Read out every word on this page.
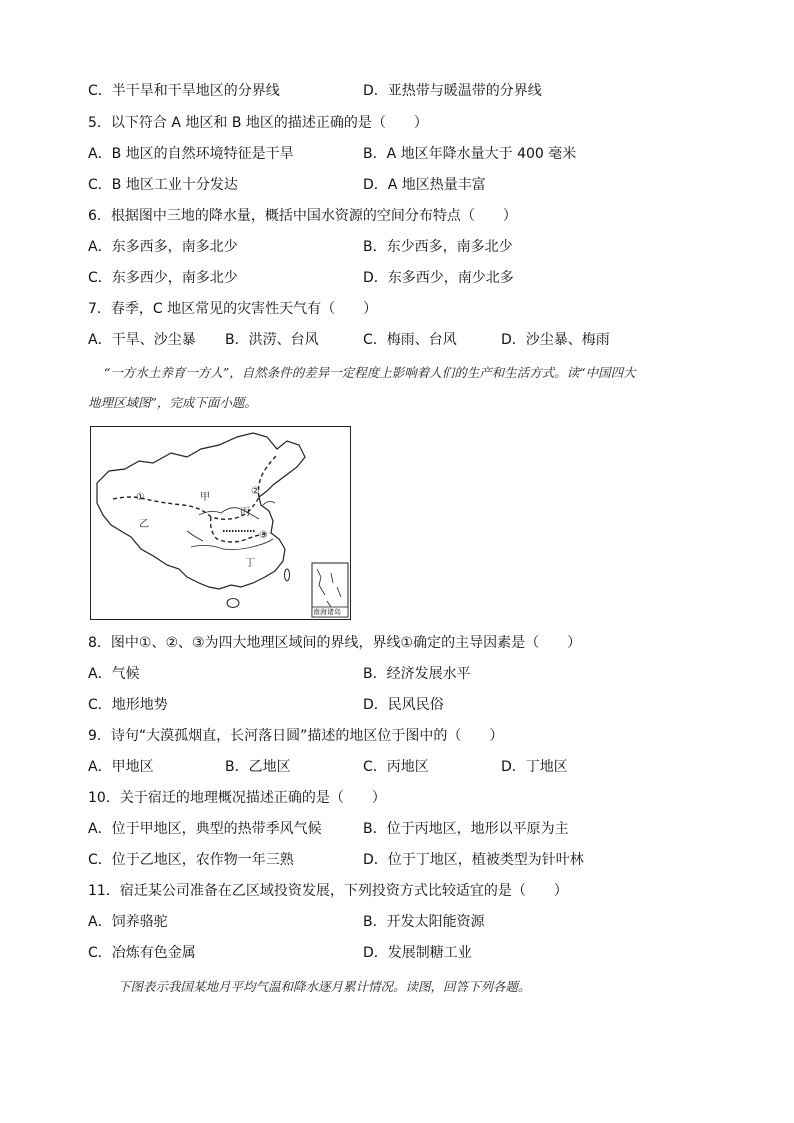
C．半干旱和干旱地区的分界线	D．亚热带与暖温带的分界线
5．以下符合 A 地区和 B 地区的描述正确的是（　　）
A．B 地区的自然环境特征是干旱	B．A 地区年降水量大于 400 毫米
C．B 地区工业十分发达	D．A 地区热量丰富
6．根据图中三地的降水量，概括中国水资源的空间分布特点（　　）
A．东多西多，南多北少	B．东少西多，南多北少
C．东多西少，南多北少	D．东多西少，南少北多
7．春季，C 地区常见的灾害性天气有（　　）
A．干旱、沙尘暴 B．洪涝、台风	C．梅雨、台风	D．沙尘暴、梅雨
“一方水土养育一方人”，自然条件的差异一定程度上影响着人们的生产和生活方式。读“中国四大
地理区域图”，完成下面小题。
甲
乙
丙
丁
①
②
③
南海诸岛
8．图中①、②、③为四大地理区域间的界线，界线①确定的主导因素是（　　）
A．气候	B．经济发展水平
C．地形地势	D．民风民俗
9．诗句“大漠孤烟直，长河落日圆”描述的地区位于图中的（　　）
A．甲地区	B．乙地区	C．丙地区	D．丁地区
10．关于宿迁的地理概况描述正确的是（　　）
A．位于甲地区，典型的热带季风气候	B．位于丙地区，地形以平原为主
C．位于乙地区，农作物一年三熟	D．位于丁地区，植被类型为针叶林
11．宿迁某公司准备在乙区域投资发展，下列投资方式比较适宜的是（　　）
A．饲养骆驼	B．开发太阳能资源
C．冶炼有色金属	D．发展制糖工业
下图表示我国某地月平均气温和降水逐月累计情况。读图，回答下列各题。
